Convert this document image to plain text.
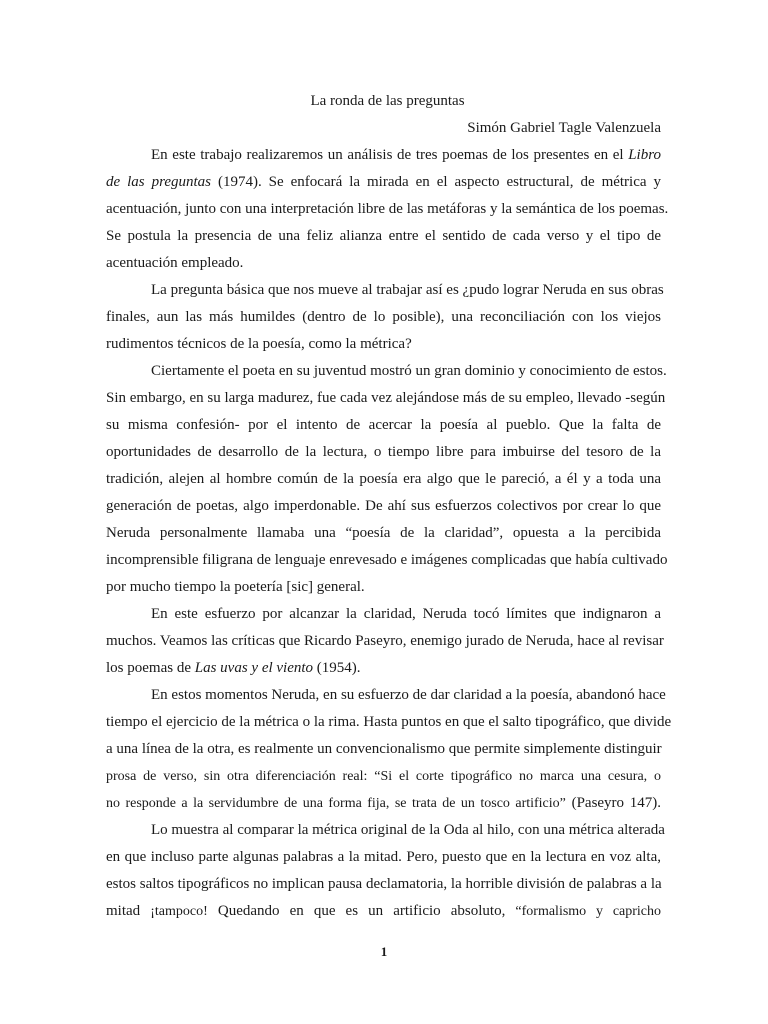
La ronda de las preguntas
Simón Gabriel Tagle Valenzuela
En este trabajo realizaremos un análisis de tres poemas de los presentes en el Libro
de las preguntas (1974). Se enfocará la mirada en el aspecto estructural, de métrica y
acentuación, junto con una interpretación libre de las metáforas y la semántica de los poemas.
Se postula la presencia de una feliz alianza entre el sentido de cada verso y el tipo de
acentuación empleado.
La pregunta básica que nos mueve al trabajar así es ¿pudo lograr Neruda en sus obras
finales, aun las más humildes (dentro de lo posible), una reconciliación con los viejos
rudimentos técnicos de la poesía, como la métrica?
Ciertamente el poeta en su juventud mostró un gran dominio y conocimiento de estos.
Sin embargo, en su larga madurez, fue cada vez alejándose más de su empleo, llevado -según
su misma confesión- por el intento de acercar la poesía al pueblo. Que la falta de
oportunidades de desarrollo de la lectura, o tiempo libre para imbuirse del tesoro de la
tradición, alejen al hombre común de la poesía era algo que le pareció, a él y a toda una
generación de poetas, algo imperdonable. De ahí sus esfuerzos colectivos por crear lo que
Neruda personalmente llamaba una “poesía de la claridad”, opuesta a la percibida
incomprensible filigrana de lenguaje enrevesado e imágenes complicadas que había cultivado
por mucho tiempo la poetería [sic] general.
En este esfuerzo por alcanzar la claridad, Neruda tocó límites que indignaron a
muchos. Veamos las críticas que Ricardo Paseyro, enemigo jurado de Neruda, hace al revisar
los poemas de Las uvas y el viento (1954).
En estos momentos Neruda, en su esfuerzo de dar claridad a la poesía, abandonó hace
tiempo el ejercicio de la métrica o la rima. Hasta puntos en que el salto tipográfico, que divide
a una línea de la otra, es realmente un convencionalismo que permite simplemente distinguir
prosa de verso, sin otra diferenciación real: “Si el corte tipográfico no marca una cesura, o
no responde a la servidumbre de una forma fija, se trata de un tosco artificio” (Paseyro 147).
Lo muestra al comparar la métrica original de la Oda al hilo, con una métrica alterada
en que incluso parte algunas palabras a la mitad. Pero, puesto que en la lectura en voz alta,
estos saltos tipográficos no implican pausa declamatoria, la horrible división de palabras a la
mitad ¡tampoco! Quedando en que es un artificio absoluto, “formalismo y capricho
1
